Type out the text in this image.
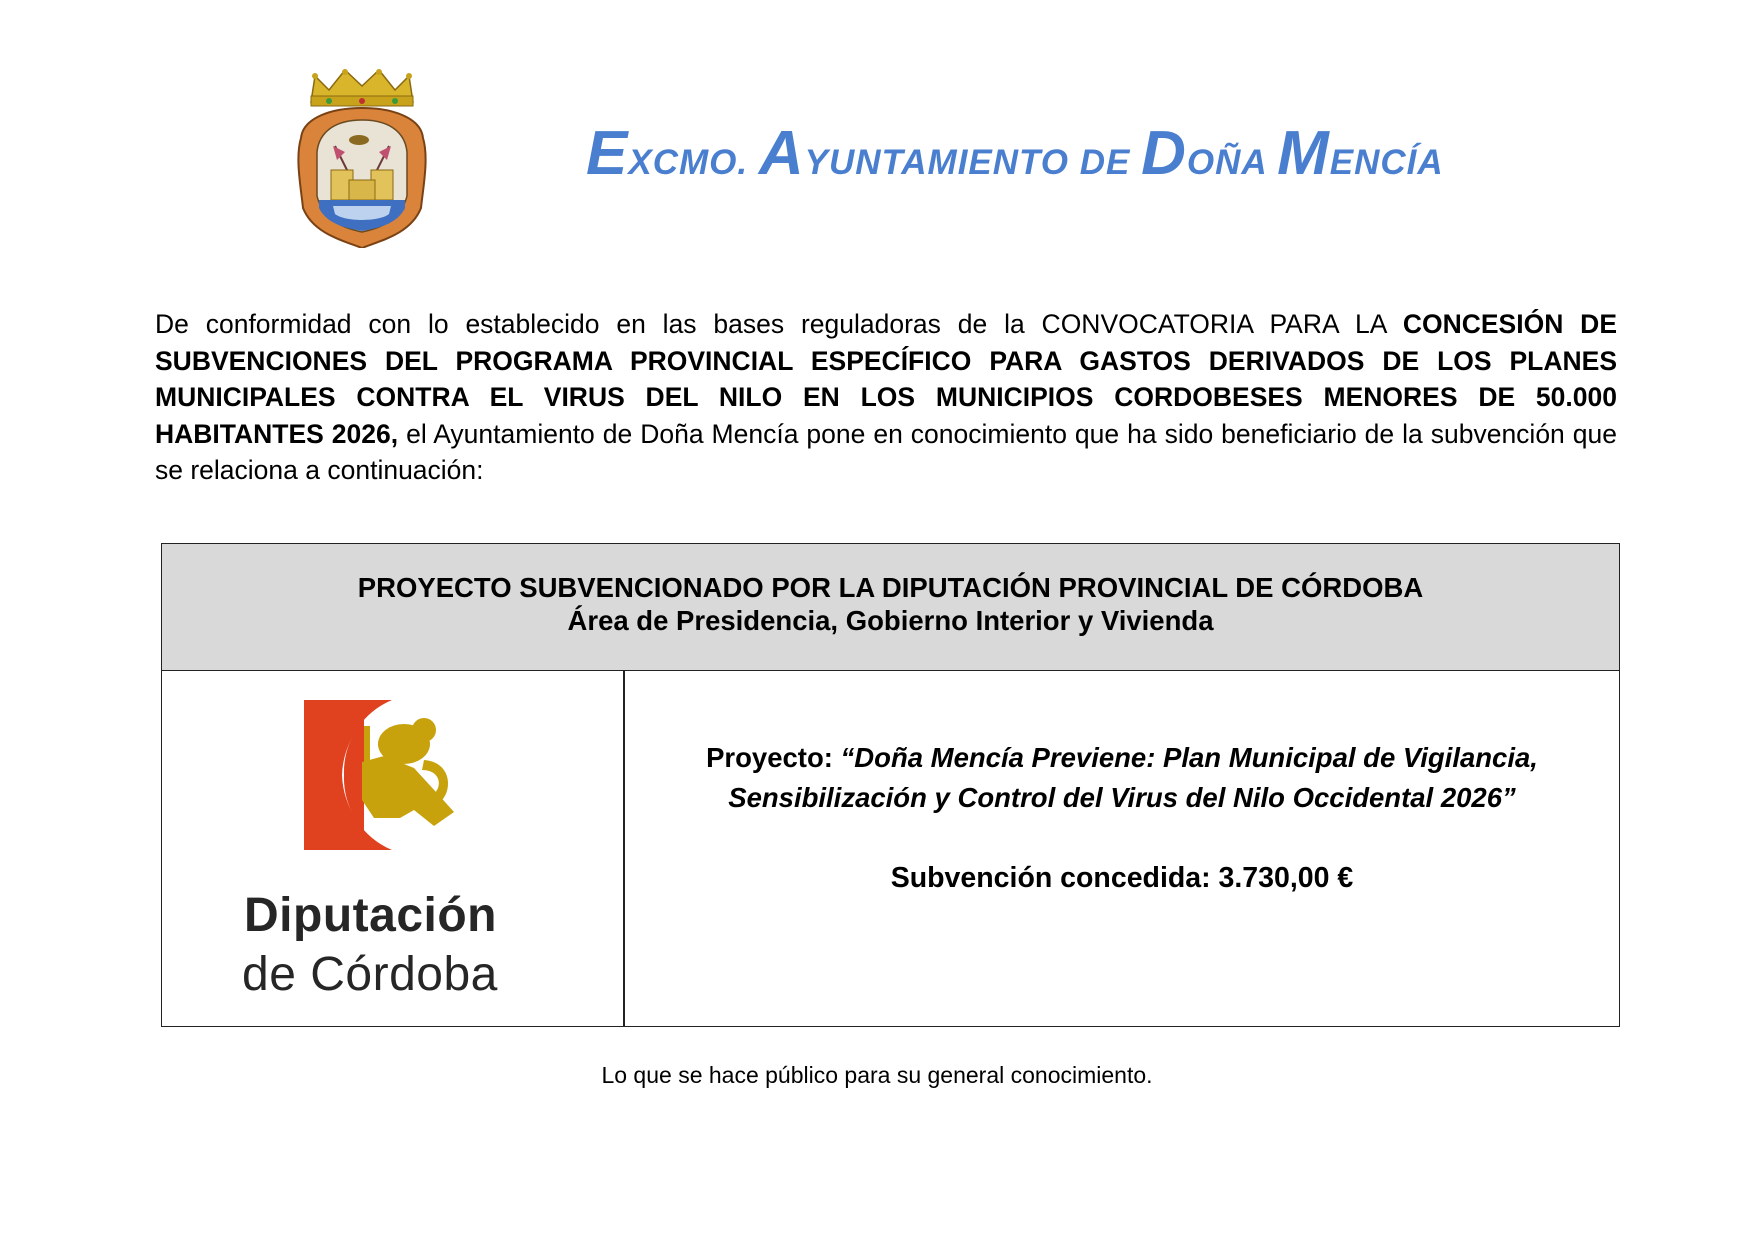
EXCMO. AYUNTAMIENTO DE DOÑA MENCÍA
De conformidad con lo establecido en las bases reguladoras de la CONVOCATORIA PARA LA CONCESIÓN DE SUBVENCIONES DEL PROGRAMA PROVINCIAL ESPECÍFICO PARA GASTOS DERIVADOS DE LOS PLANES MUNICIPALES CONTRA EL VIRUS DEL NILO EN LOS MUNICIPIOS CORDOBESES MENORES DE 50.000 HABITANTES 2026, el Ayuntamiento de Doña Mencía pone en conocimiento que ha sido beneficiario de la subvención que se relaciona a continuación:
PROYECTO SUBVENCIONADO POR LA DIPUTACIÓN PROVINCIAL DE CÓRDOBA
Área de Presidencia, Gobierno Interior y Vivienda
Diputación
de Córdoba
Proyecto: “Doña Mencía Previene: Plan Municipal de Vigilancia, Sensibilización y Control del Virus del Nilo Occidental 2026”
Subvención concedida: 3.730,00 €
Lo que se hace público para su general conocimiento.
